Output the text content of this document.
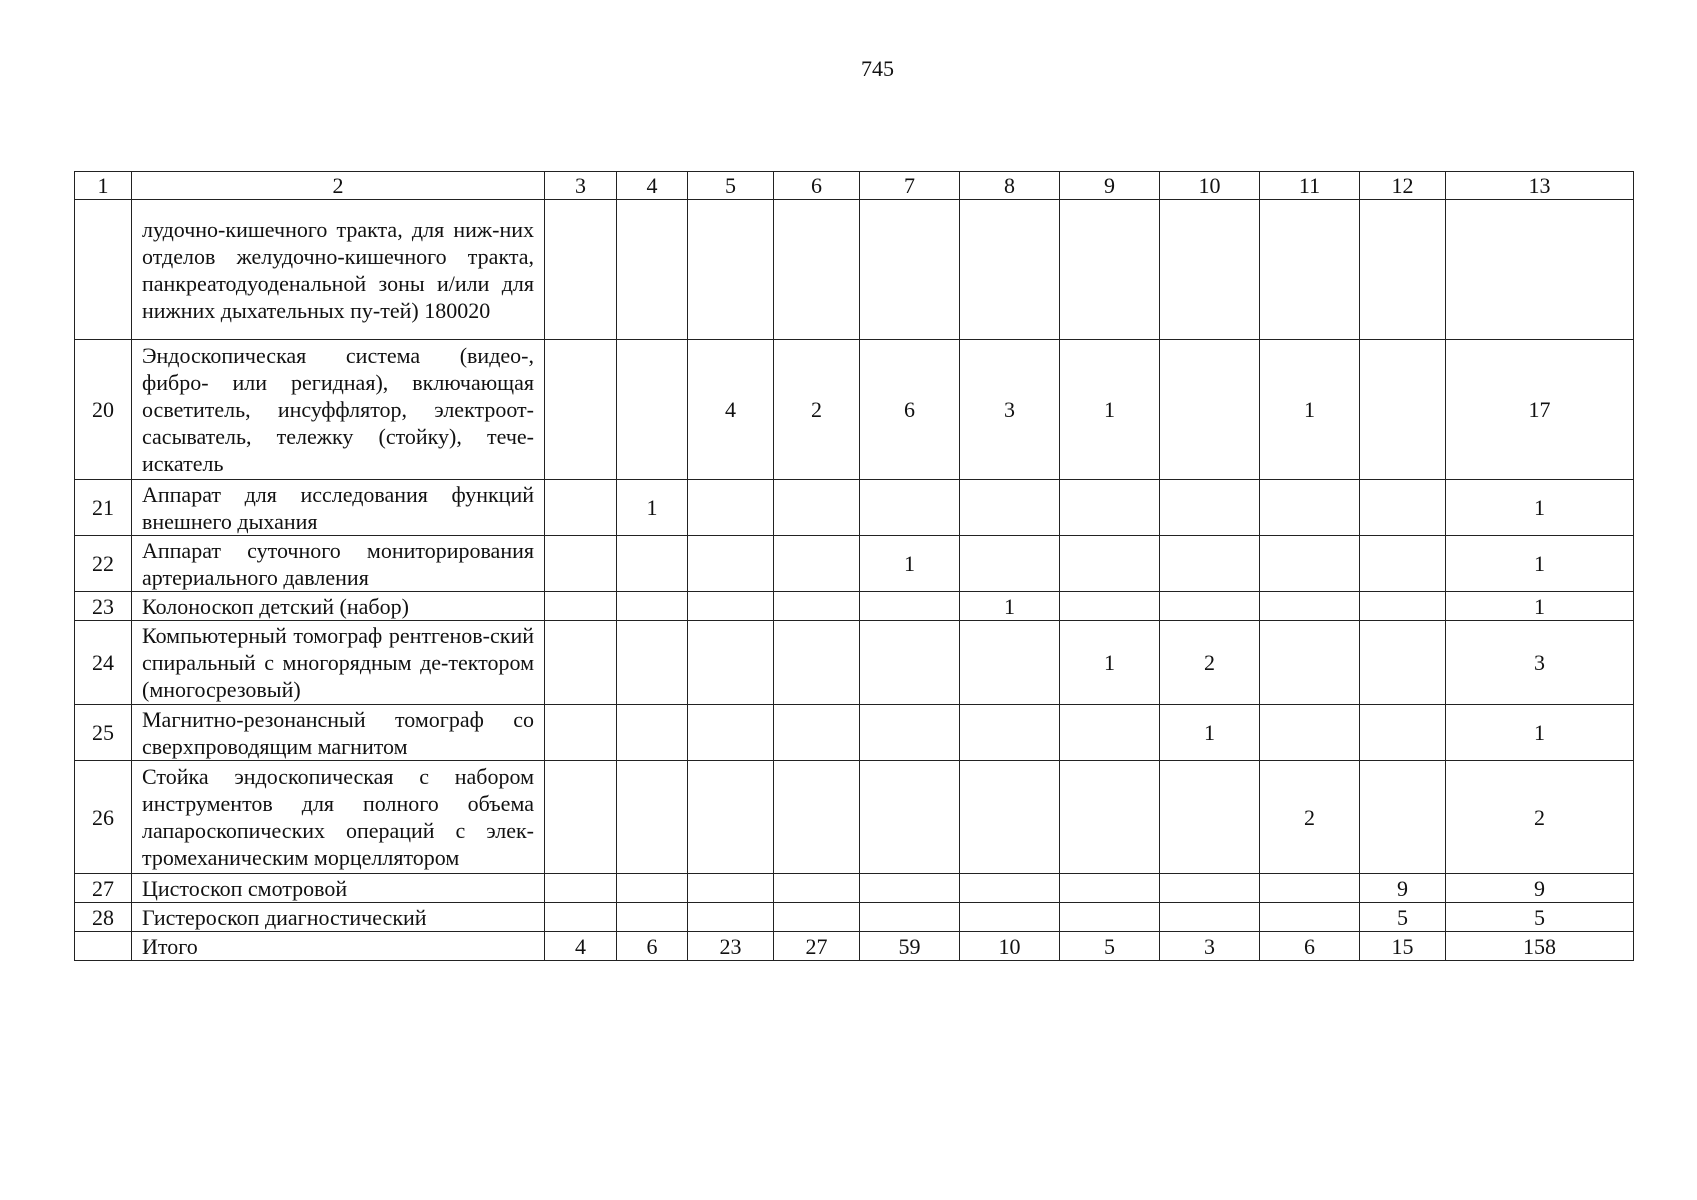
745
1	2	3	4	5	6	7	8	9	10	11	12	13
	лудочно-кишечного тракта, для ниж-них отделов желудочно-кишечного тракта, панкреатодуоденальной зоны и/или для нижних дыхательных пу-тей) 180020											
20	Эндоскопическая система (видео-, фибро- или регидная), включающая осветитель, инсуффлятор, электроот-сасыватель, тележку (стойку), тече-искатель			4	2	6	3	1		1		17
21	Аппарат для исследования функций внешнего дыхания		1									1
22	Аппарат суточного мониторирования артериального давления					1						1
23	Колоноскоп детский (набор)						1					1
24	Компьютерный томограф рентгенов-ский спиральный с многорядным де-тектором (многосрезовый)							1	2			3
25	Магнитно-резонансный томограф со сверхпроводящим магнитом								1			1
26	Стойка эндоскопическая с набором инструментов для полного объема лапароскопических операций с элек-тромеханическим морцеллятором									2		2
27	Цистоскоп смотровой										9	9
28	Гистероскоп диагностический										5	5
	Итого	4	6	23	27	59	10	5	3	6	15	158
